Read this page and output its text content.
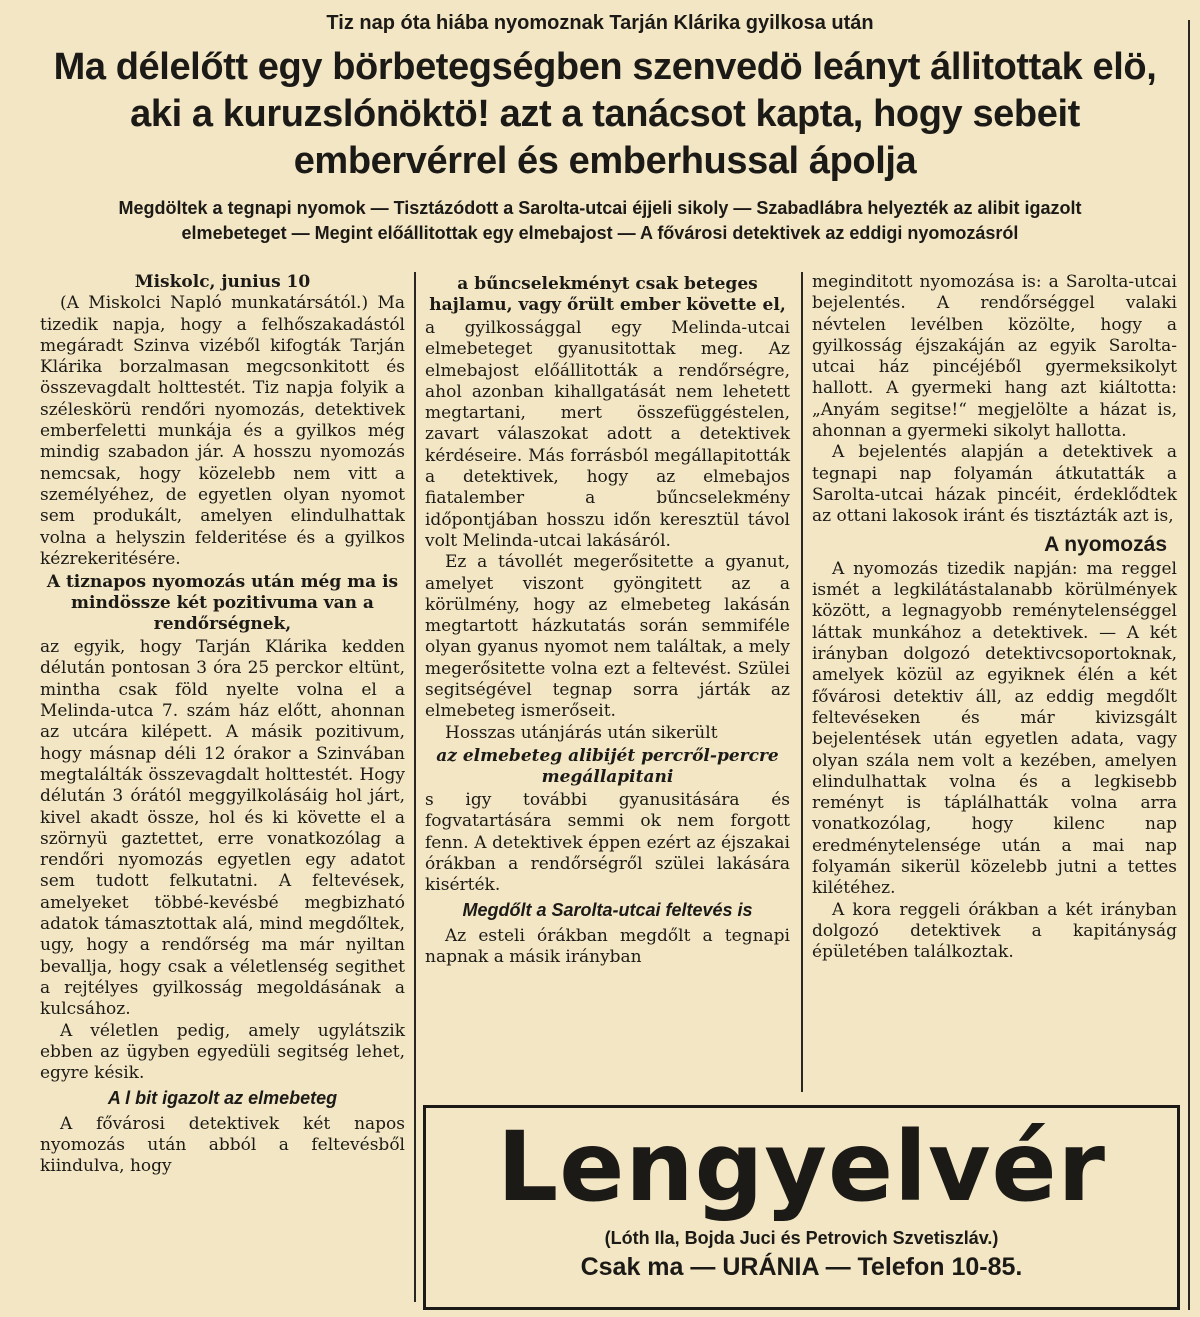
Tiz nap óta hiába nyomoznak Tarján Klárika gyilkosa után
Ma délelőtt egy börbetegségben szenvedö leányt állitottak elö, aki a kuruzslónöktö! azt a tanácsot kapta, hogy sebeit embervérrel és emberhussal ápolja
Megdöltek a tegnapi nyomok — Tisztázódott a Sarolta-utcai éjjeli sikoly — Szabadlábra helyezték az alibit igazolt elmebeteget — Megint előállitottak egy elmebajost — A fővárosi detektivek az eddigi nyomozásról

Miskolc, junius 10

(A Miskolci Napló munkatársától.) Ma tizedik napja, hogy a felhőszakadástól megáradt Szinva vizéből kifogták Tarján Klárika borzalmasan megcsonkitott és összevagdalt holttestét. Tiz napja folyik a széleskörü rendőri nyomozás, detektivek emberfeletti munkája és a gyilkos még mindig szabadon jár. A hosszu nyomozás nemcsak, hogy közelebb nem vitt a személyéhez, de egyetlen olyan nyomot sem produkált, amelyen elindulhattak volna a helyszin felderitése és a gyilkos kézrekeritésére.

A tiznapos nyomozás után még ma is mindössze két pozitivuma van a rendőrségnek,

az egyik, hogy Tarján Klárika kedden délután pontosan 3 óra 25 perckor eltünt, mintha csak föld nyelte volna el a Melinda-utca 7. szám ház előtt, ahonnan az utcára kilépett. A másik pozitivum, hogy másnap déli 12 órakor a Szinvában megtalálták összevagdalt holttestét. Hogy délután 3 órától meggyilkolásáig hol járt, kivel akadt össze, hol és ki követte el a szörnyü gaztettet, erre vonatkozólag a rendőri nyomozás egyetlen egy adatot sem tudott felkutatni. A feltevések, amelyeket többé-kevésbé megbizható adatok támasztottak alá, mind megdőltek, ugy, hogy a rendőrség ma már nyiltan bevallja, hogy csak a véletlenség segithet a rejtélyes gyilkosság megoldásának a kulcsához.

A véletlen pedig, amely ugylátszik ebben az ügyben egyedüli segitség lehet, egyre késik.

A l bit igazolt az elmebeteg

A fővárosi detektivek két napos nyomozás után abból a feltevésből kiindulva, hogy

a bűncselekményt csak beteges hajlamu, vagy őrült ember követte el,

a gyilkossággal egy Melinda-utcai elmebeteget gyanusitottak meg. Az elmebajost előállitották a rendőrségre, ahol azonban kihallgatását nem lehetett megtartani, mert összefüggéstelen, zavart válaszokat adott a detektivek kérdéseire. Más forrásból megállapitották a detektivek, hogy az elmebajos fiatalember a bűncselekmény időpontjában hosszu időn keresztül távol volt Melinda-utcai lakásáról.

Ez a távollét megerősitette a gyanut, amelyet viszont gyöngitett az a körülmény, hogy az elmebeteg lakásán megtartott házkutatás során semmiféle olyan gyanus nyomot nem találtak, a mely megerősitette volna ezt a feltevést. Szülei segitségével tegnap sorra járták az elmebeteg ismerőseit.

Hosszas utánjárás után sikerült

az elmebeteg alibijét percről-percre megállapitani

s igy további gyanusitására és fogvatartására semmi ok nem forgott fenn. A detektivek éppen ezért az éjszakai órákban a rendőrségről szülei lakására kisérték.

Megdőlt a Sarolta-utcai feltevés is

Az esteli órákban megdőlt a tegnapi napnak a másik irányban

meginditott nyomozása is: a Sarolta-utcai bejelentés. A rendőrséggel valaki névtelen levélben közölte, hogy a gyilkosság éjszakáján az egyik Sarolta-utcai ház pincéjéből gyermeksikolyt hallott. A gyermeki hang azt kiáltotta: „Anyám segitse!“ megjelölte a házat is, ahonnan a gyermeki sikolyt hallotta.

A bejelentés alapján a detektivek a tegnapi nap folyamán átkutatták a Sarolta-utcai házak pincéit, érdeklődtek az ottani lakosok iránt és tisztázták azt is,

A nyomozás

A nyomozás tizedik napján: ma reggel ismét a legkilátástalanabb körülmények között, a legnagyobb reménytelenséggel láttak munkához a detektivek. — A két irányban dolgozó detektivcsoportoknak, amelyek közül az egyiknek élén a két fővárosi detektiv áll, az eddig megdőlt feltevéseken és már kivizsgált bejelentések után egyetlen adata, vagy olyan szála nem volt a kezében, amelyen elindulhattak volna és a legkisebb reményt is táplálhatták volna arra vonatkozólag, hogy kilenc nap eredménytelensége után a mai nap folyamán sikerül közelebb jutni a tettes kilétéhez.

A kora reggeli órákban a két irányban dolgozó detektivek a kapitányság épületében találkoztak.

Lengyelvér
(Lóth Ila, Bojda Juci és Petrovich Szvetiszláv.)
Csak ma — URÁNIA — Telefon 10-85.
